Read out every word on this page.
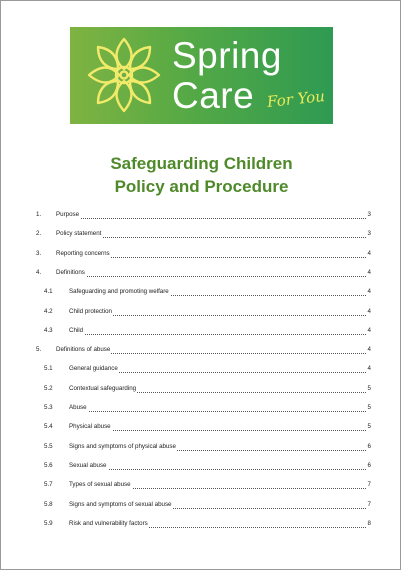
Spring
Care For You
Safeguarding Children
Policy and Procedure
1. Purpose	3
2. Policy statement	3
3. Reporting concerns	4
4. Definitions	4
4.1	Safeguarding and promoting welfare	4
4.2	Child protection	4
4.3	Child	4
5. Definitions of abuse	4
5.1	General guidance	4
5.2	Contextual safeguarding	5
5.3	Abuse	5
5.4	Physical abuse	5
5.5	Signs and symptoms of physical abuse	6
5.6	Sexual abuse	6
5.7	Types of sexual abuse	7
5.8	Signs and symptoms of sexual abuse	7
5.9	Risk and vulnerability factors	8
